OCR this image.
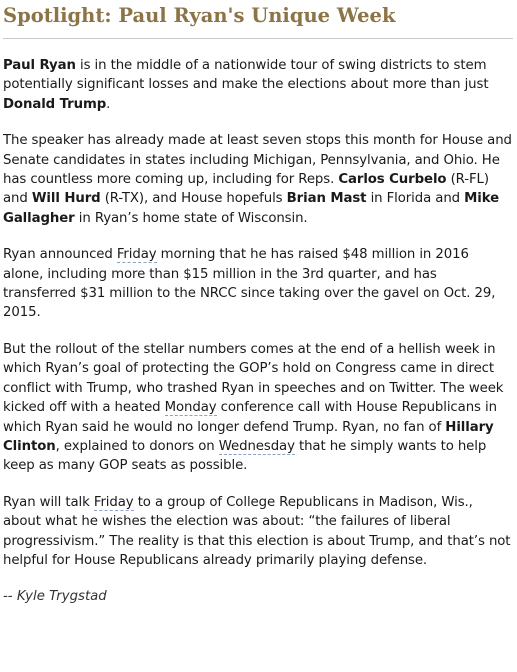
Spotlight: Paul Ryan's Unique Week

Paul Ryan is in the middle of a nationwide tour of swing districts to stem potentially significant losses and make the elections about more than just Donald Trump.

The speaker has already made at least seven stops this month for House and Senate candidates in states including Michigan, Pennsylvania, and Ohio. He has countless more coming up, including for Reps. Carlos Curbelo (R-FL) and Will Hurd (R-TX), and House hopefuls Brian Mast in Florida and Mike Gallagher in Ryan’s home state of Wisconsin.

Ryan announced Friday morning that he has raised $48 million in 2016 alone, including more than $15 million in the 3rd quarter, and has transferred $31 million to the NRCC since taking over the gavel on Oct. 29, 2015.

But the rollout of the stellar numbers comes at the end of a hellish week in which Ryan’s goal of protecting the GOP’s hold on Congress came in direct conflict with Trump, who trashed Ryan in speeches and on Twitter. The week kicked off with a heated Monday conference call with House Republicans in which Ryan said he would no longer defend Trump. Ryan, no fan of Hillary Clinton, explained to donors on Wednesday that he simply wants to help keep as many GOP seats as possible.

Ryan will talk Friday to a group of College Republicans in Madison, Wis., about what he wishes the election was about: “the failures of liberal progressivism.” The reality is that this election is about Trump, and that’s not helpful for House Republicans already primarily playing defense.

-- Kyle Trygstad
